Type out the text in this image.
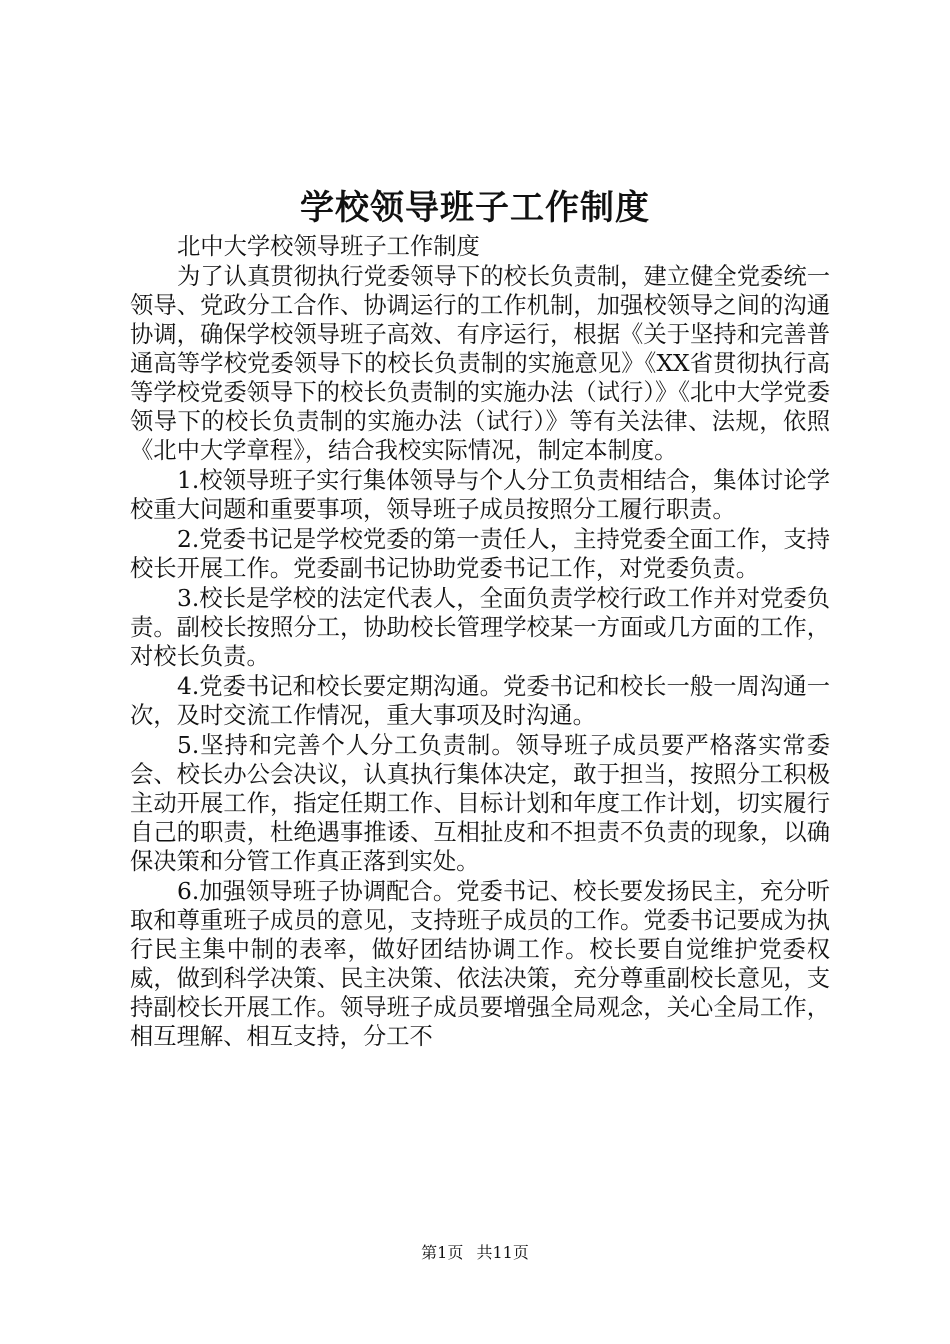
学校领导班子工作制度

北中大学校领导班子工作制度

为了认真贯彻执行党委领导下的校长负责制，建立健全党委统一领导、党政分工合作、协调运行的工作机制，加强校领导之间的沟通协调，确保学校领导班子高效、有序运行，根据《关于坚持和完善普通高等学校党委领导下的校长负责制的实施意见》《XX省贯彻执行高等学校党委领导下的校长负责制的实施办法（试行）》《北中大学党委领导下的校长负责制的实施办法（试行）》等有关法律、法规，依照《北中大学章程》，结合我校实际情况，制定本制度。

1.校领导班子实行集体领导与个人分工负责相结合，集体讨论学校重大问题和重要事项，领导班子成员按照分工履行职责。

2.党委书记是学校党委的第一责任人，主持党委全面工作，支持校长开展工作。党委副书记协助党委书记工作，对党委负责。

3.校长是学校的法定代表人，全面负责学校行政工作并对党委负责。副校长按照分工，协助校长管理学校某一方面或几方面的工作，对校长负责。

4.党委书记和校长要定期沟通。党委书记和校长一般一周沟通一次，及时交流工作情况，重大事项及时沟通。

5.坚持和完善个人分工负责制。领导班子成员要严格落实常委会、校长办公会决议，认真执行集体决定，敢于担当，按照分工积极主动开展工作，指定任期工作、目标计划和年度工作计划，切实履行自己的职责，杜绝遇事推诿、互相扯皮和不担责不负责的现象，以确保决策和分管工作真正落到实处。

6.加强领导班子协调配合。党委书记、校长要发扬民主，充分听取和尊重班子成员的意见，支持班子成员的工作。党委书记要成为执行民主集中制的表率，做好团结协调工作。校长要自觉维护党委权威，做到科学决策、民主决策、依法决策，充分尊重副校长意见，支持副校长开展工作。领导班子成员要增强全局观念，关心全局工作，相互理解、相互支持，分工不

第1页 共11页
